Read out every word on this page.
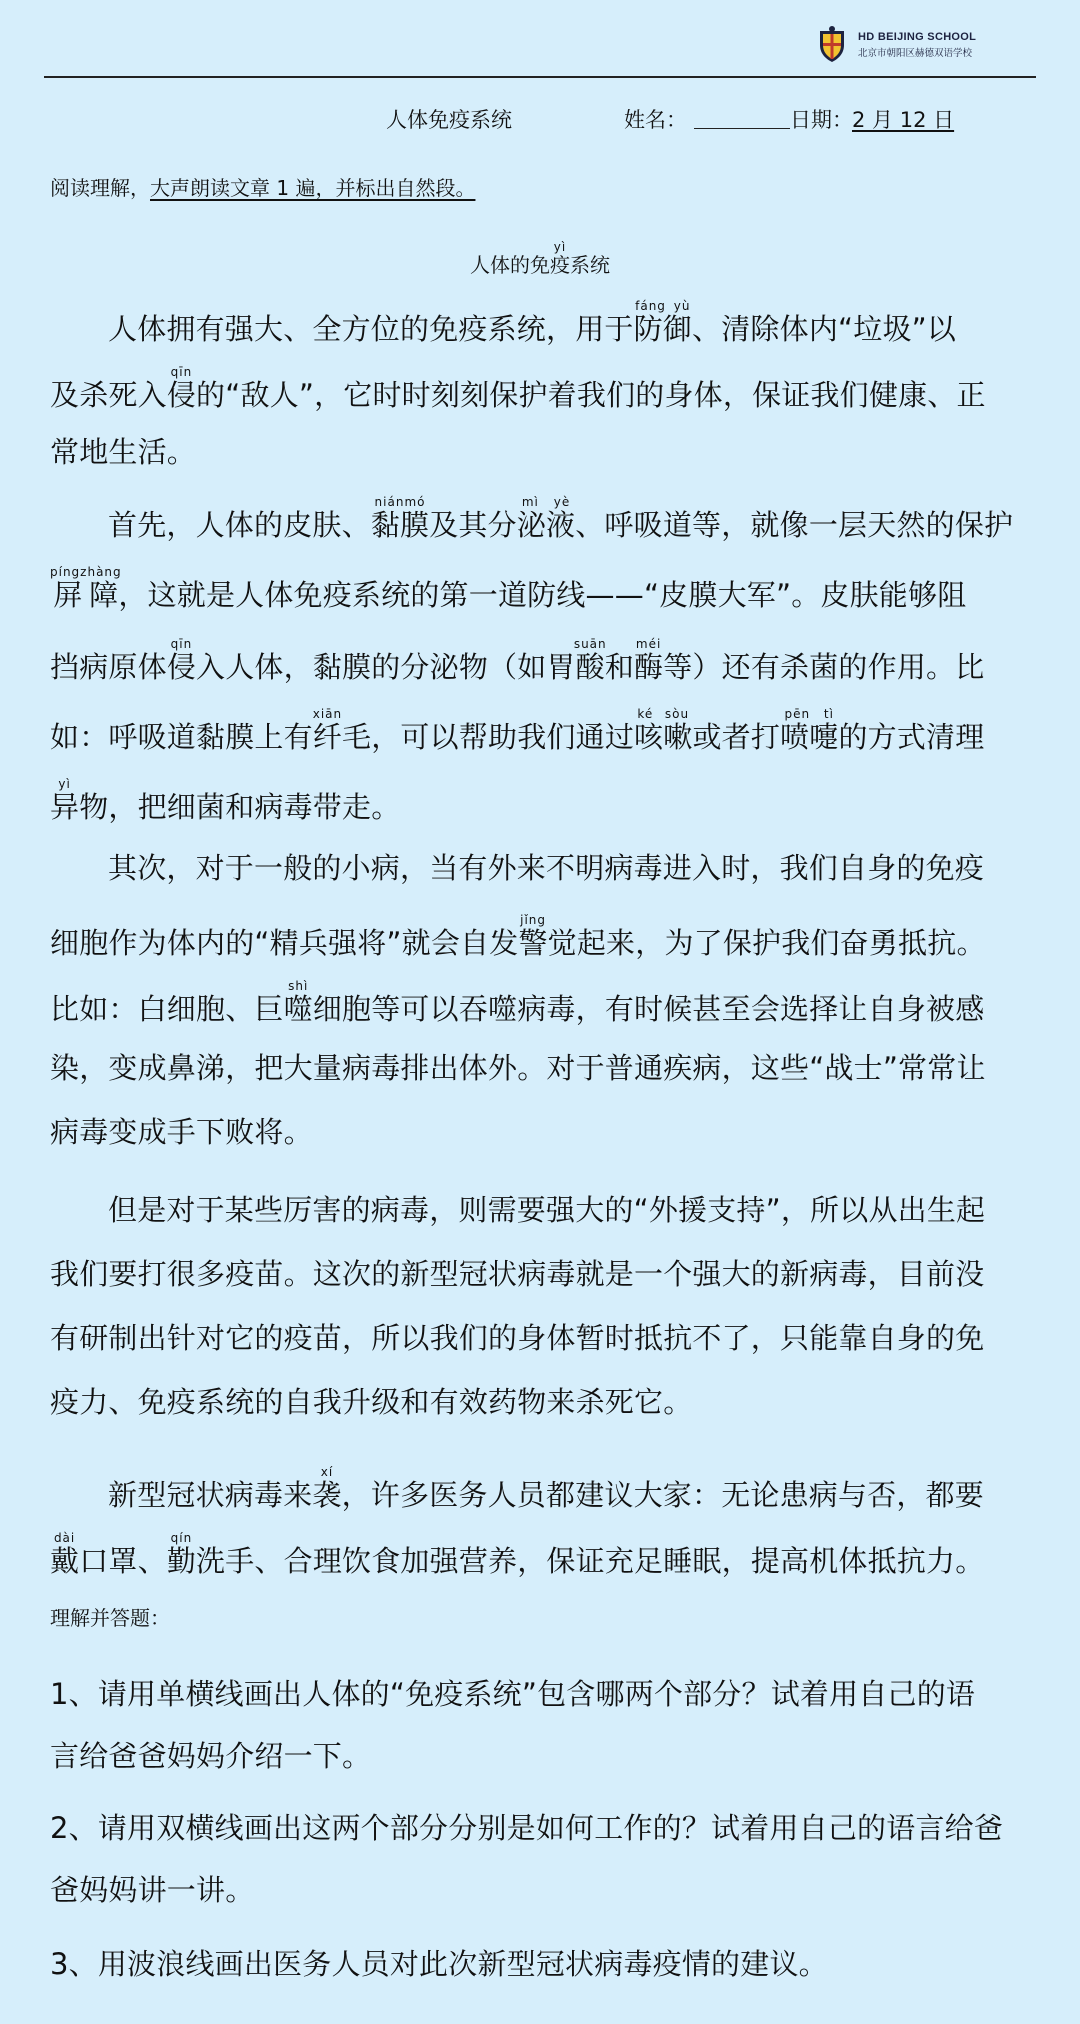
HD BEIJING SCHOOL
北京市朝阳区赫德双语学校
人体免疫系统	姓名：	日期： 2 月 12 日
阅读理解，大声朗读文章 1 遍，并标出自然段。
人体的免疫yì系统
人体拥有强大、全方位的免疫系统，用于防御fáng yù、清除体内“垃圾”以
及杀死入侵qīn的“敌人”，它时时刻刻保护着我们的身体，保证我们健康、正
常地生活。
首先，人体的皮肤、黏膜niánmó及其分泌液mì yè、呼吸道等，就像一层天然的保护
屏障píngzhàng，这就是人体免疫系统的第一道防线——“皮膜大军”。皮肤能够阻
挡病原体侵qīn入人体，黏膜的分泌物（如胃酸suān和酶méi等）还有杀菌的作用。比
如：呼吸道黏膜上有纤xiān毛，可以帮助我们通过咳嗽ké sòu或者打喷嚏pēn tì的方式清理
异yì物，把细菌和病毒带走。
其次，对于一般的小病，当有外来不明病毒进入时，我们自身的免疫
细胞作为体内的“精兵强将”就会自发警jǐng觉起来，为了保护我们奋勇抵抗。
比如：白细胞、巨噬shì细胞等可以吞噬病毒，有时候甚至会选择让自身被感
染，变成鼻涕，把大量病毒排出体外。对于普通疾病，这些“战士”常常让
病毒变成手下败将。
但是对于某些厉害的病毒，则需要强大的“外援支持”，所以从出生起
我们要打很多疫苗。这次的新型冠状病毒就是一个强大的新病毒，目前没
有研制出针对它的疫苗，所以我们的身体暂时抵抗不了，只能靠自身的免
疫力、免疫系统的自我升级和有效药物来杀死它。
新型冠状病毒来袭xí，许多医务人员都建议大家：无论患病与否，都要
戴dài口罩、勤qín洗手、合理饮食加强营养，保证充足睡眠，提高机体抵抗力。
理解并答题：
1、请用单横线画出人体的“免疫系统”包含哪两个部分？试着用自己的语
言给爸爸妈妈介绍一下。
2、请用双横线画出这两个部分分别是如何工作的？试着用自己的语言给爸
爸妈妈讲一讲。
3、用波浪线画出医务人员对此次新型冠状病毒疫情的建议。
